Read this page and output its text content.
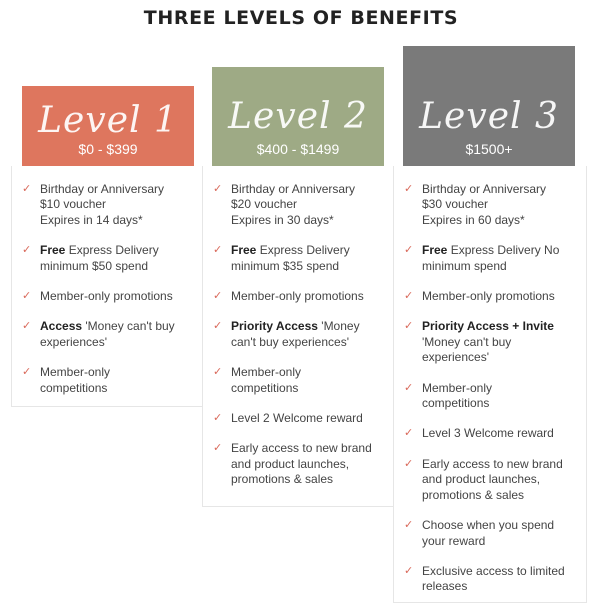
THREE LEVELS OF BENEFITS
Level 1
$0 - $399
✓ Birthday or Anniversary
$10 voucher
Expires in 14 days*
✓ Free Express Delivery
minimum $50 spend
✓ Member-only promotions
✓ Access 'Money can't buy
experiences'
✓ Member-only
competitions
Level 2
$400 - $1499
✓ Birthday or Anniversary
$20 voucher
Expires in 30 days*
✓ Free Express Delivery
minimum $35 spend
✓ Member-only promotions
✓ Priority Access 'Money
can't buy experiences'
✓ Member-only
competitions
✓ Level 2 Welcome reward
✓ Early access to new brand
and product launches,
promotions & sales
Level 3
$1500+
✓ Birthday or Anniversary
$30 voucher
Expires in 60 days*
✓ Free Express Delivery No
minimum spend
✓ Member-only promotions
✓ Priority Access + Invite
'Money can't buy
experiences'
✓ Member-only
competitions
✓ Level 3 Welcome reward
✓ Early access to new brand
and product launches,
promotions & sales
✓ Choose when you spend
your reward
✓ Exclusive access to limited
releases
